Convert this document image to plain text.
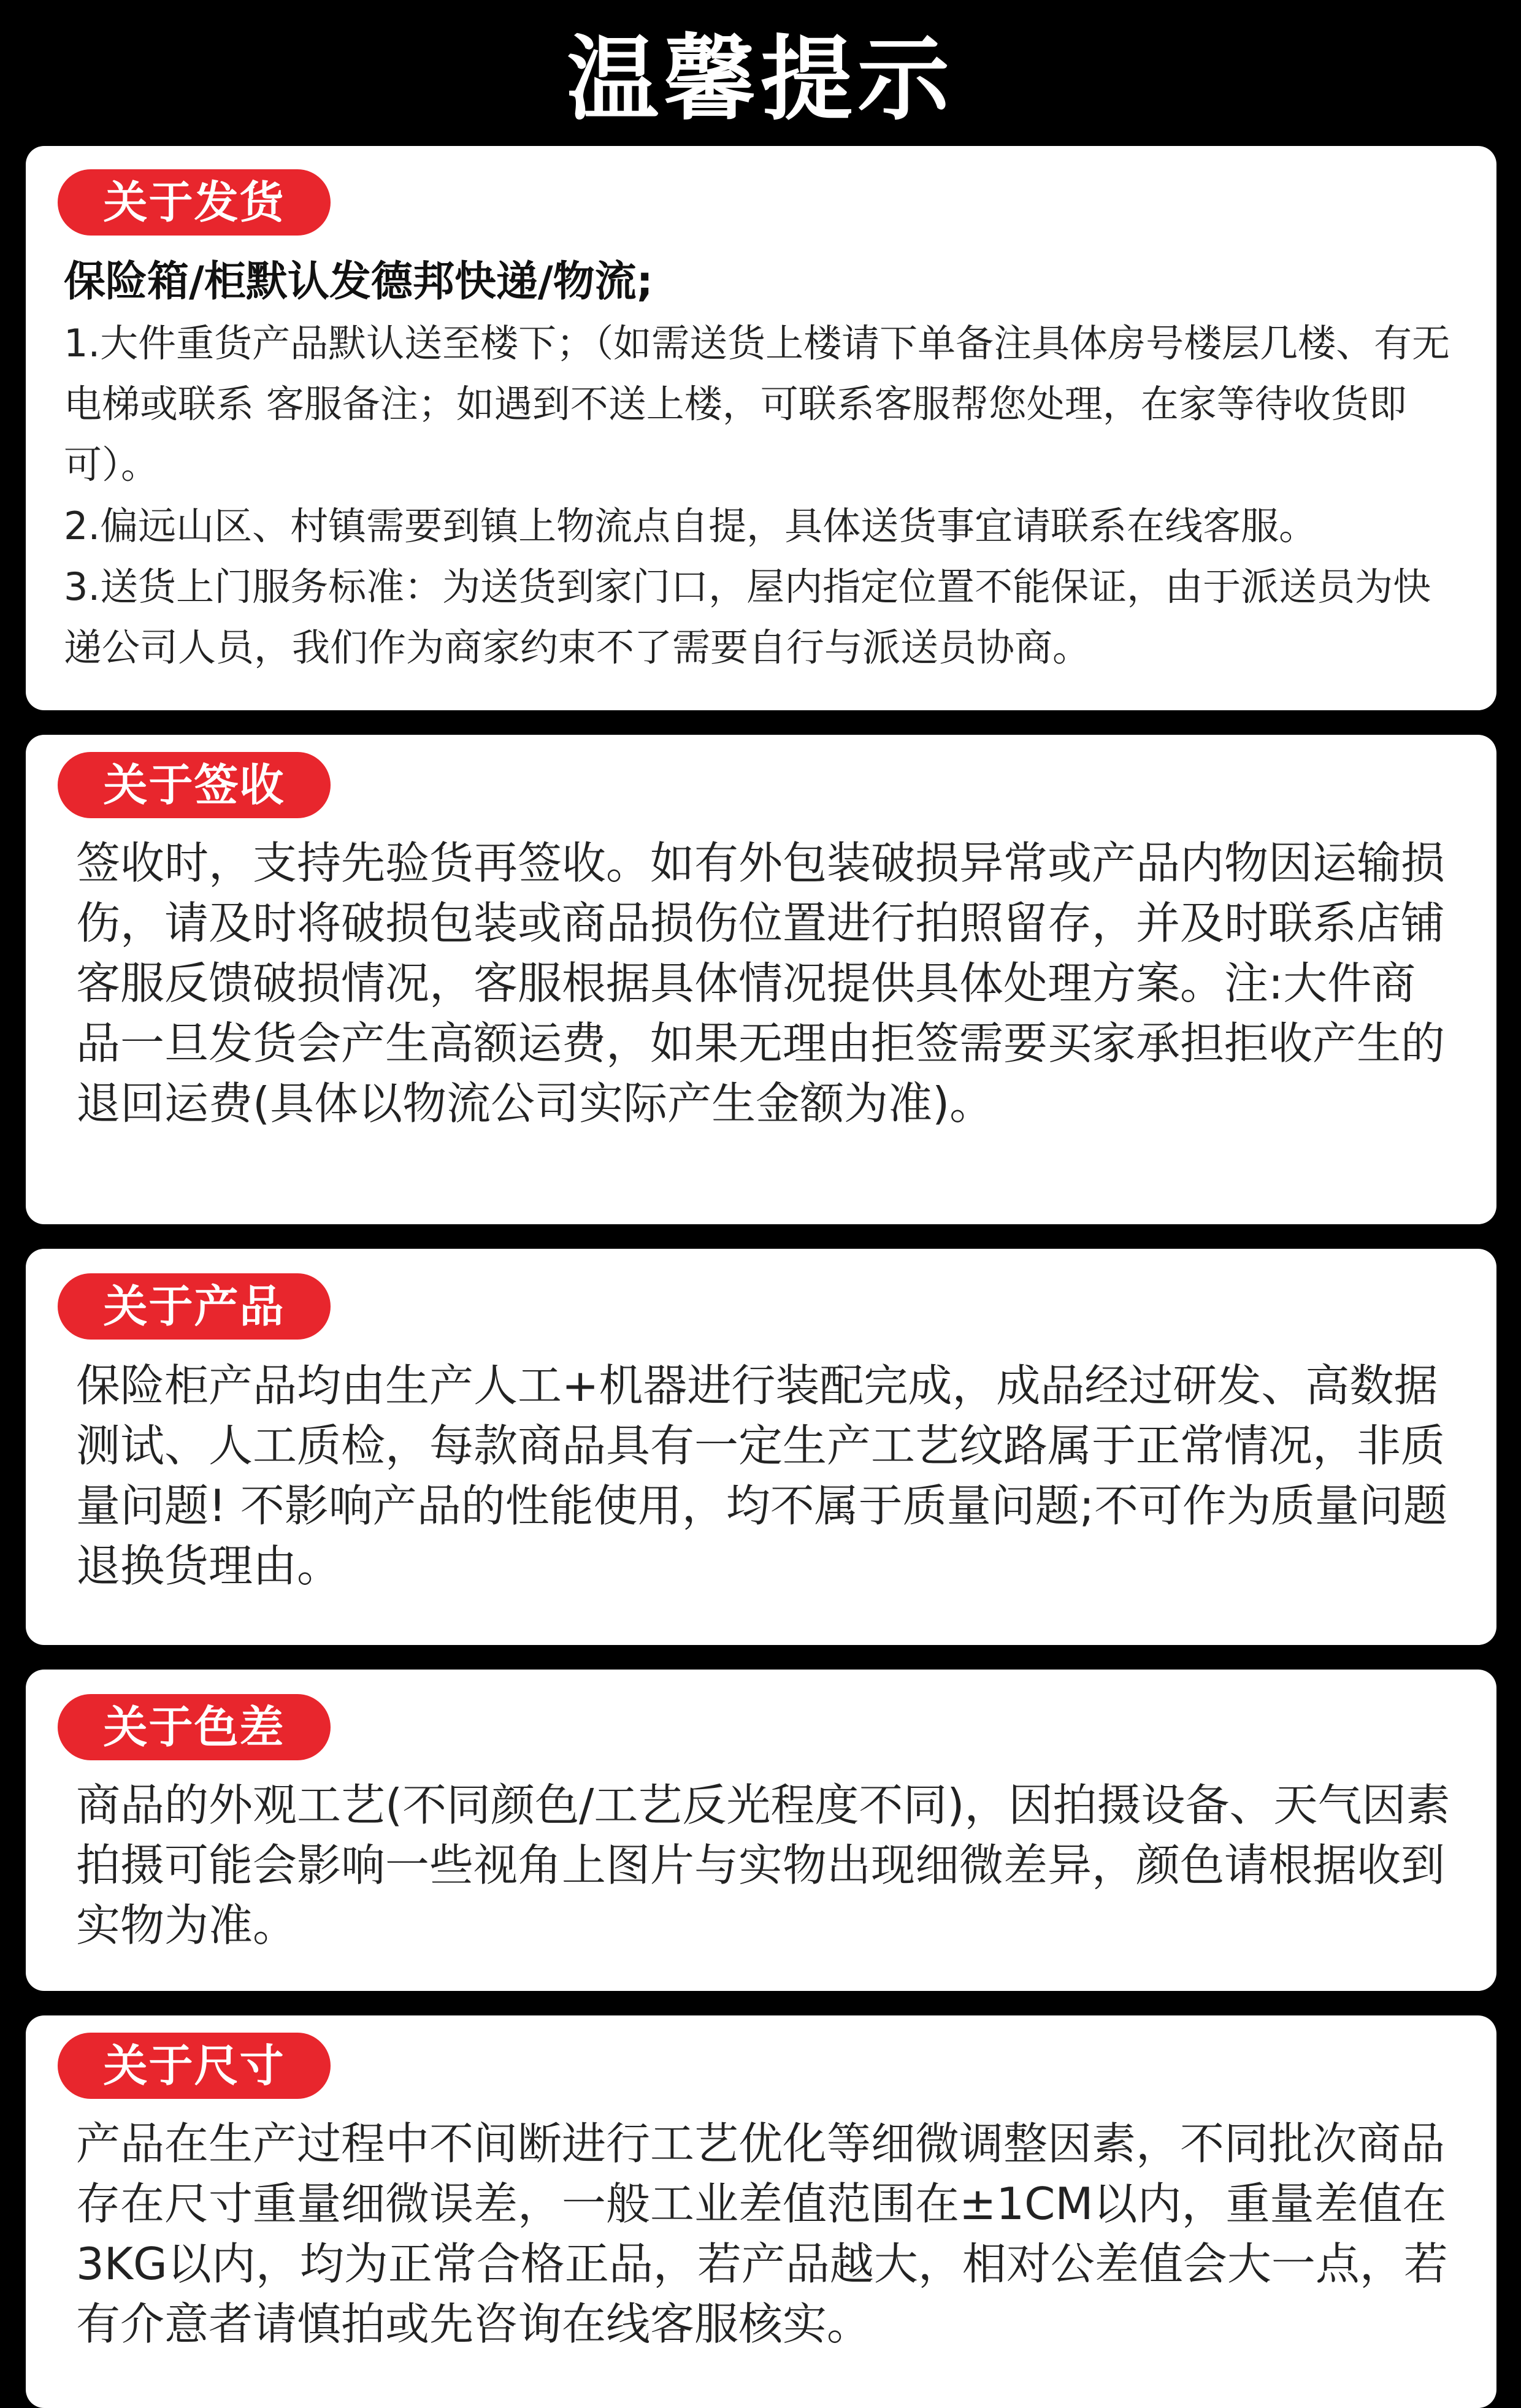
温馨提示
关于发货
保险箱/柜默认发德邦快递/物流;

1.大件重货产品默认送至楼下；（如需送货上楼请下单备注具体房号楼层几楼、有无电梯或联系 客服备注；如遇到不送上楼，可联系客服帮您处理，在家等待收货即可）。

2.偏远山区、村镇需要到镇上物流点自提，具体送货事宜请联系在线客服。

3.送货上门服务标准：为送货到家门口，屋内指定位置不能保证，由于派送员为快递公司人员，我们作为商家约束不了需要自行与派送员协商。

关于签收

签收时，支持先验货再签收。如有外包装破损异常或产品内物因运输损伤，请及时将破损包装或商品损伤位置进行拍照留存，并及时联系店铺客服反馈破损情况，客服根据具体情况提供具体处理方案。注:大件商品一旦发货会产生高额运费，如果无理由拒签需要买家承担拒收产生的退回运费(具体以物流公司实际产生金额为准)。

关于产品

保险柜产品均由生产人工+机器进行装配完成，成品经过研发、高数据测试、人工质检，每款商品具有一定生产工艺纹路属于正常情况，非质量问题! 不影响产品的性能使用，均不属于质量问题;不可作为质量问题退换货理由。

关于色差

商品的外观工艺(不同颜色/工艺反光程度不同)，因拍摄设备、天气因素拍摄可能会影响一些视角上图片与实物出现细微差异，颜色请根据收到实物为准。

关于尺寸

产品在生产过程中不间断进行工艺优化等细微调整因素，不同批次商品存在尺寸重量细微误差，一般工业差值范围在±1CM以内，重量差值在3KG以内，均为正常合格正品，若产品越大，相对公差值会大一点，若有介意者请慎拍或先咨询在线客服核实。
